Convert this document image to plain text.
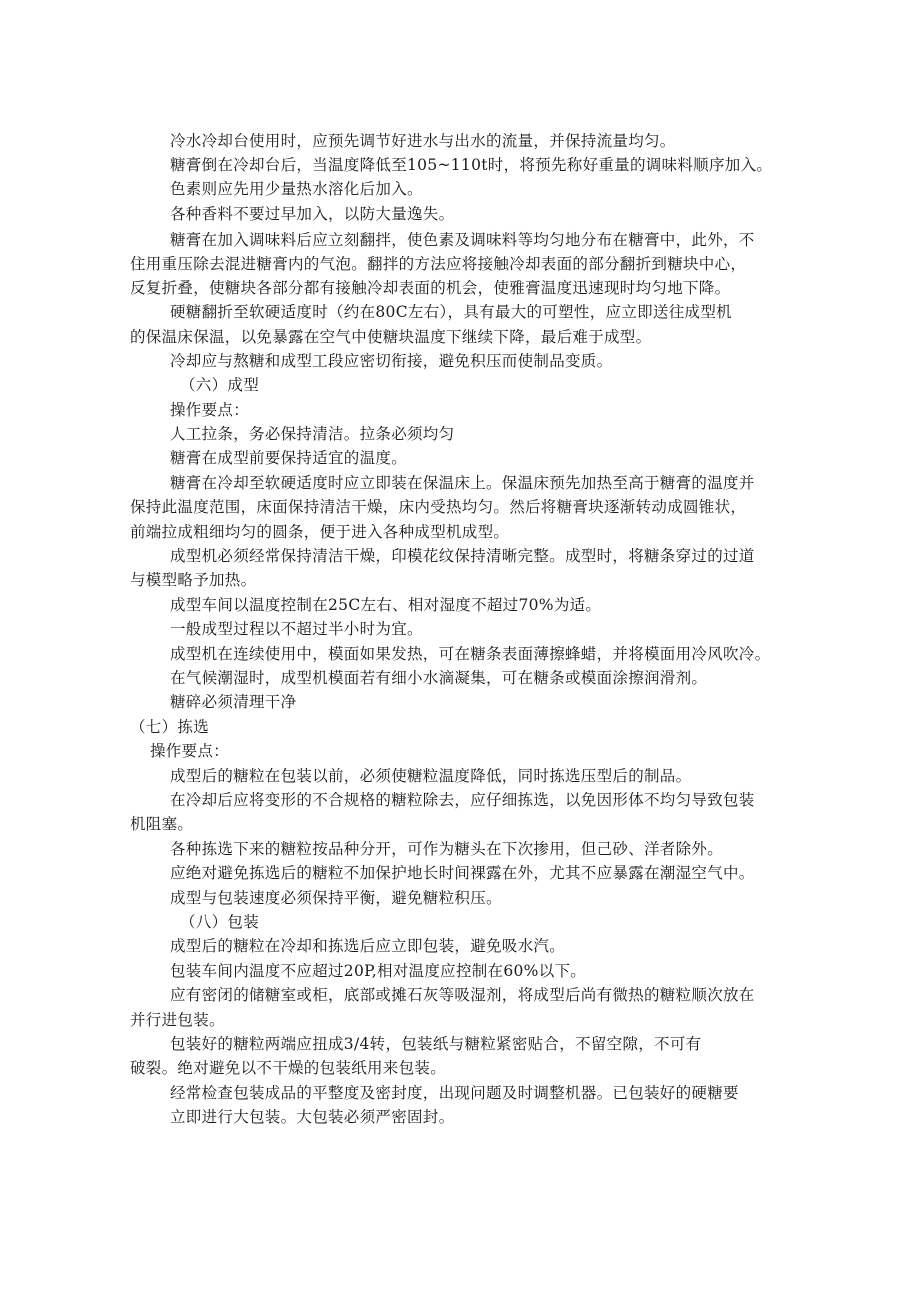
冷水冷却台使用时，应预先调节好进水与出水的流量，并保持流量均匀。
糖膏倒在冷却台后，当温度降低至105~110t时，将预先称好重量的调味料顺序加入。
色素则应先用少量热水溶化后加入。
各种香料不要过早加入，以防大量逸失。
糖膏在加入调味料后应立刻翻拌，使色素及调味料等均匀地分布在糖膏中，此外，不
住用重压除去混进糖膏内的气泡。翻拌的方法应将接触冷却表面的部分翻折到糖块中心，
反复折叠，使糖块各部分都有接触冷却表面的机会，使雅膏温度迅速现时均匀地下降。
硬糖翻折至软硬适度时（约在80C左右），具有最大的可塑性，应立即送往成型机
的保温床保温，以免暴露在空气中使糖块温度下继续下降，最后难于成型。
冷却应与熬糖和成型工段应密切衔接，避免积压而使制品变质。
（六）成型
操作要点：
人工拉条，务必保持清洁。拉条必须均匀
糖膏在成型前要保持适宜的温度。
糖膏在冷却至软硬适度时应立即装在保温床上。保温床预先加热至高于糖膏的温度并
保持此温度范围，床面保持清洁干燥，床内受热均匀。然后将糖膏块逐渐转动成圆锥状，
前端拉成粗细均匀的圆条，便于进入各种成型机成型。
成型机必须经常保持清洁干燥，印模花纹保持清晰完整。成型时，将糖条穿过的过道
与模型略予加热。
成型车间以温度控制在25C左右、相对湿度不超过70%为适。
一般成型过程以不超过半小时为宜。
成型机在连续使用中，模面如果发热，可在糖条表面薄擦蜂蜡，并将模面用冷风吹冷。
在气候潮湿时，成型机模面若有细小水滴凝集，可在糖条或模面涂擦润滑剂。
糖碎必须清理干净
（七）拣选
操作要点：
成型后的糖粒在包装以前，必须使糖粒温度降低，同时拣选压型后的制品。
在冷却后应将变形的不合规格的糖粒除去，应仔细拣选，以免因形体不均匀导致包装
机阻塞。
各种拣选下来的糖粒按品种分开，可作为糖头在下次掺用，但己砂、洋者除外。
应绝对避免拣选后的糖粒不加保护地长时间裸露在外，尤其不应暴露在潮湿空气中。
成型与包装速度必须保持平衡，避免糖粒积压。
（八）包装
成型后的糖粒在冷却和拣选后应立即包装，避免吸水汽。
包装车间内温度不应超过20P,相对温度应控制在60%以下。
应有密闭的储糖室或柜，底部或摊石灰等吸湿剂，将成型后尚有微热的糖粒顺次放在
并行进包装。
包装好的糖粒两端应扭成3/4转，包装纸与糖粒紧密贴合，不留空隙，不可有
破裂。绝对避免以不干燥的包装纸用来包装。
经常检查包装成品的平整度及密封度，出现问题及时调整机器。已包装好的硬糖要
立即进行大包装。大包装必须严密固封。
